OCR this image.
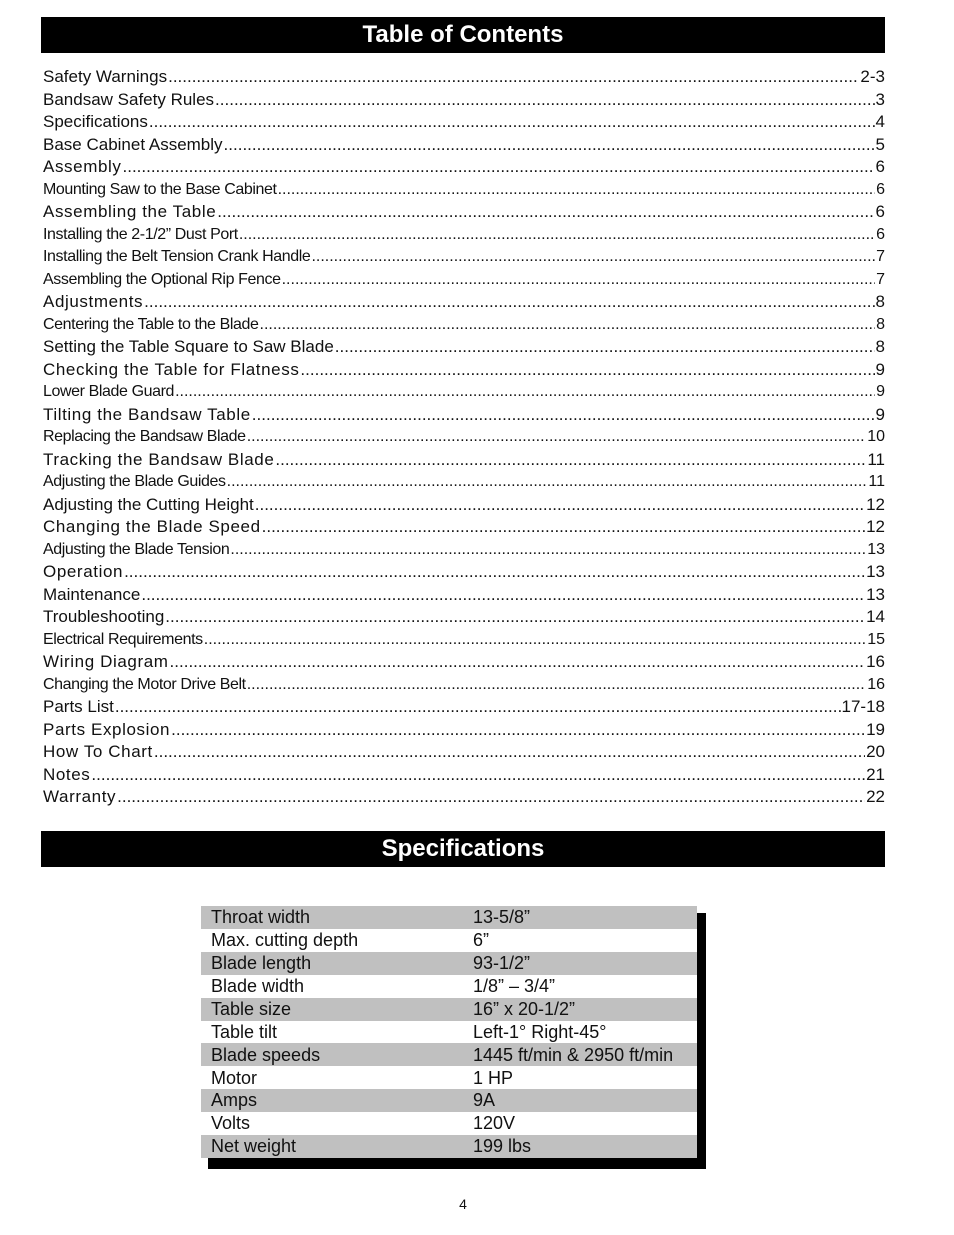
Table of Contents
Safety Warnings .....	2-3
Bandsaw Safety Rules .....	3
Specifications .....	4
Base Cabinet Assembly .....	5
Assembly .....	6
Mounting Saw to the Base Cabinet .....	6
Assembling the Table .....	6
Installing the 2-1/2” Dust Port .....	6
Installing the Belt Tension Crank Handle .....	7
Assembling the Optional Rip Fence .....	7
Adjustments .....	8
Centering the Table to the Blade .....	8
Setting the Table Square to Saw Blade .....	8
Checking the Table for Flatness .....	9
Lower Blade Guard .....	9
Tilting the Bandsaw Table .....	9
Replacing the Bandsaw Blade .....	10
Tracking the Bandsaw Blade .....	11
Adjusting the Blade Guides .....	11
Adjusting the Cutting Height .....	12
Changing the Blade Speed .....	12
Adjusting the Blade Tension .....	13
Operation .....	13
Maintenance .....	13
Troubleshooting .....	14
Electrical Requirements .....	15
Wiring Diagram .....	16
Changing the Motor Drive Belt .....	16
Parts List .....	17-18
Parts Explosion .....	19
How To Chart .....	20
Notes .....	21
Warranty .....	22
Specifications
Throat width	13-5/8”
Max. cutting depth	6”
Blade length	93-1/2”
Blade width	1/8” – 3/4”
Table size	16” x 20-1/2”
Table tilt	Left-1° Right-45°
Blade speeds	1445 ft/min & 2950 ft/min
Motor	1 HP
Amps	9A
Volts	120V
Net weight	199 lbs
4
